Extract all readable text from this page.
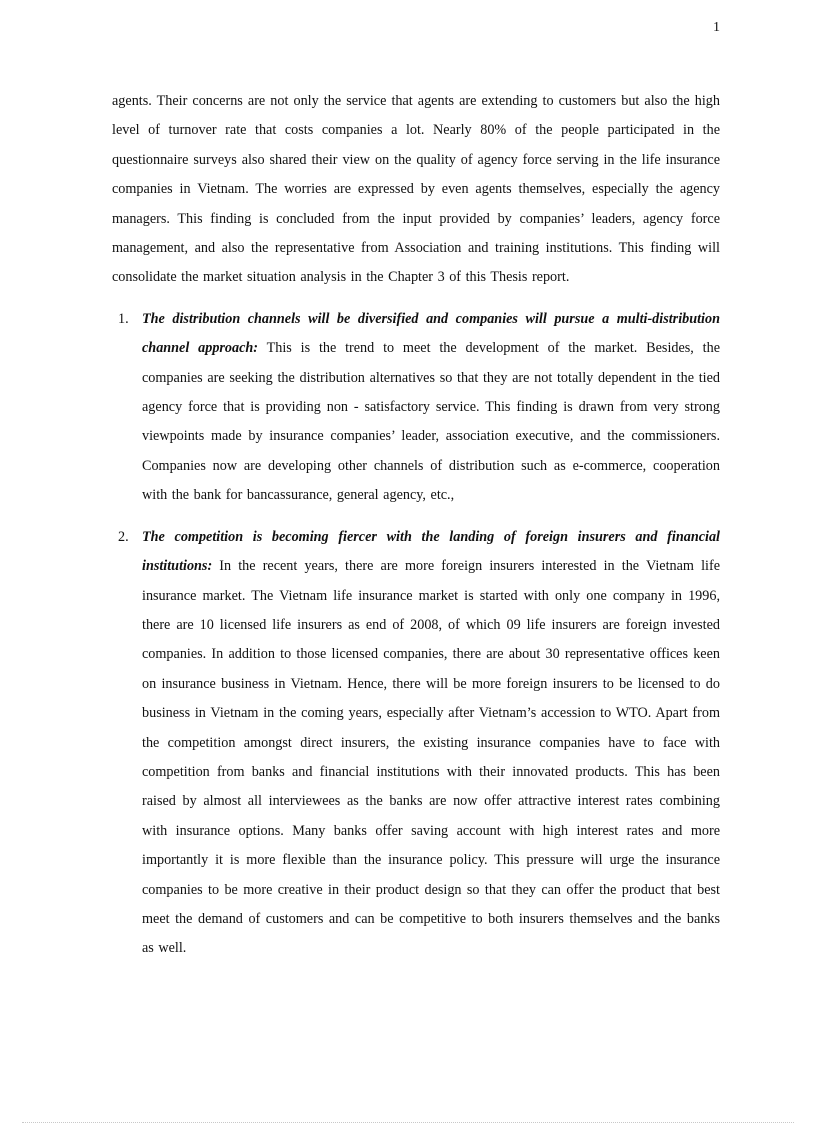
1

agents. Their concerns are not only the service that agents are extending to customers but also the high level of turnover rate that costs companies a lot. Nearly 80% of the people participated in the questionnaire surveys also shared their view on the quality of agency force serving in the life insurance companies in Vietnam. The worries are expressed by even agents themselves, especially the agency managers. This finding is concluded from the input provided by companies’ leaders, agency force management, and also the representative from Association and training institutions. This finding will consolidate the market situation analysis in the Chapter 3 of this Thesis report.

1. The distribution channels will be diversified and companies will pursue a multi-distribution channel approach: This is the trend to meet the development of the market. Besides, the companies are seeking the distribution alternatives so that they are not totally dependent in the tied agency force that is providing non - satisfactory service. This finding is drawn from very strong viewpoints made by insurance companies’ leader, association executive, and the commissioners. Companies now are developing other channels of distribution such as e-commerce, cooperation with the bank for bancassurance, general agency, etc.,
2. The competition is becoming fiercer with the landing of foreign insurers and financial institutions: In the recent years, there are more foreign insurers interested in the Vietnam life insurance market. The Vietnam life insurance market is started with only one company in 1996, there are 10 licensed life insurers as end of 2008, of which 09 life insurers are foreign invested companies. In addition to those licensed companies, there are about 30 representative offices keen on insurance business in Vietnam. Hence, there will be more foreign insurers to be licensed to do business in Vietnam in the coming years, especially after Vietnam’s accession to WTO. Apart from the competition amongst direct insurers, the existing insurance companies have to face with competition from banks and financial institutions with their innovated products. This has been raised by almost all interviewees as the banks are now offer attractive interest rates combining with insurance options. Many banks offer saving account with high interest rates and more importantly it is more flexible than the insurance policy. This pressure will urge the insurance companies to be more creative in their product design so that they can offer the product that best meet the demand of customers and can be competitive to both insurers themselves and the banks as well.
